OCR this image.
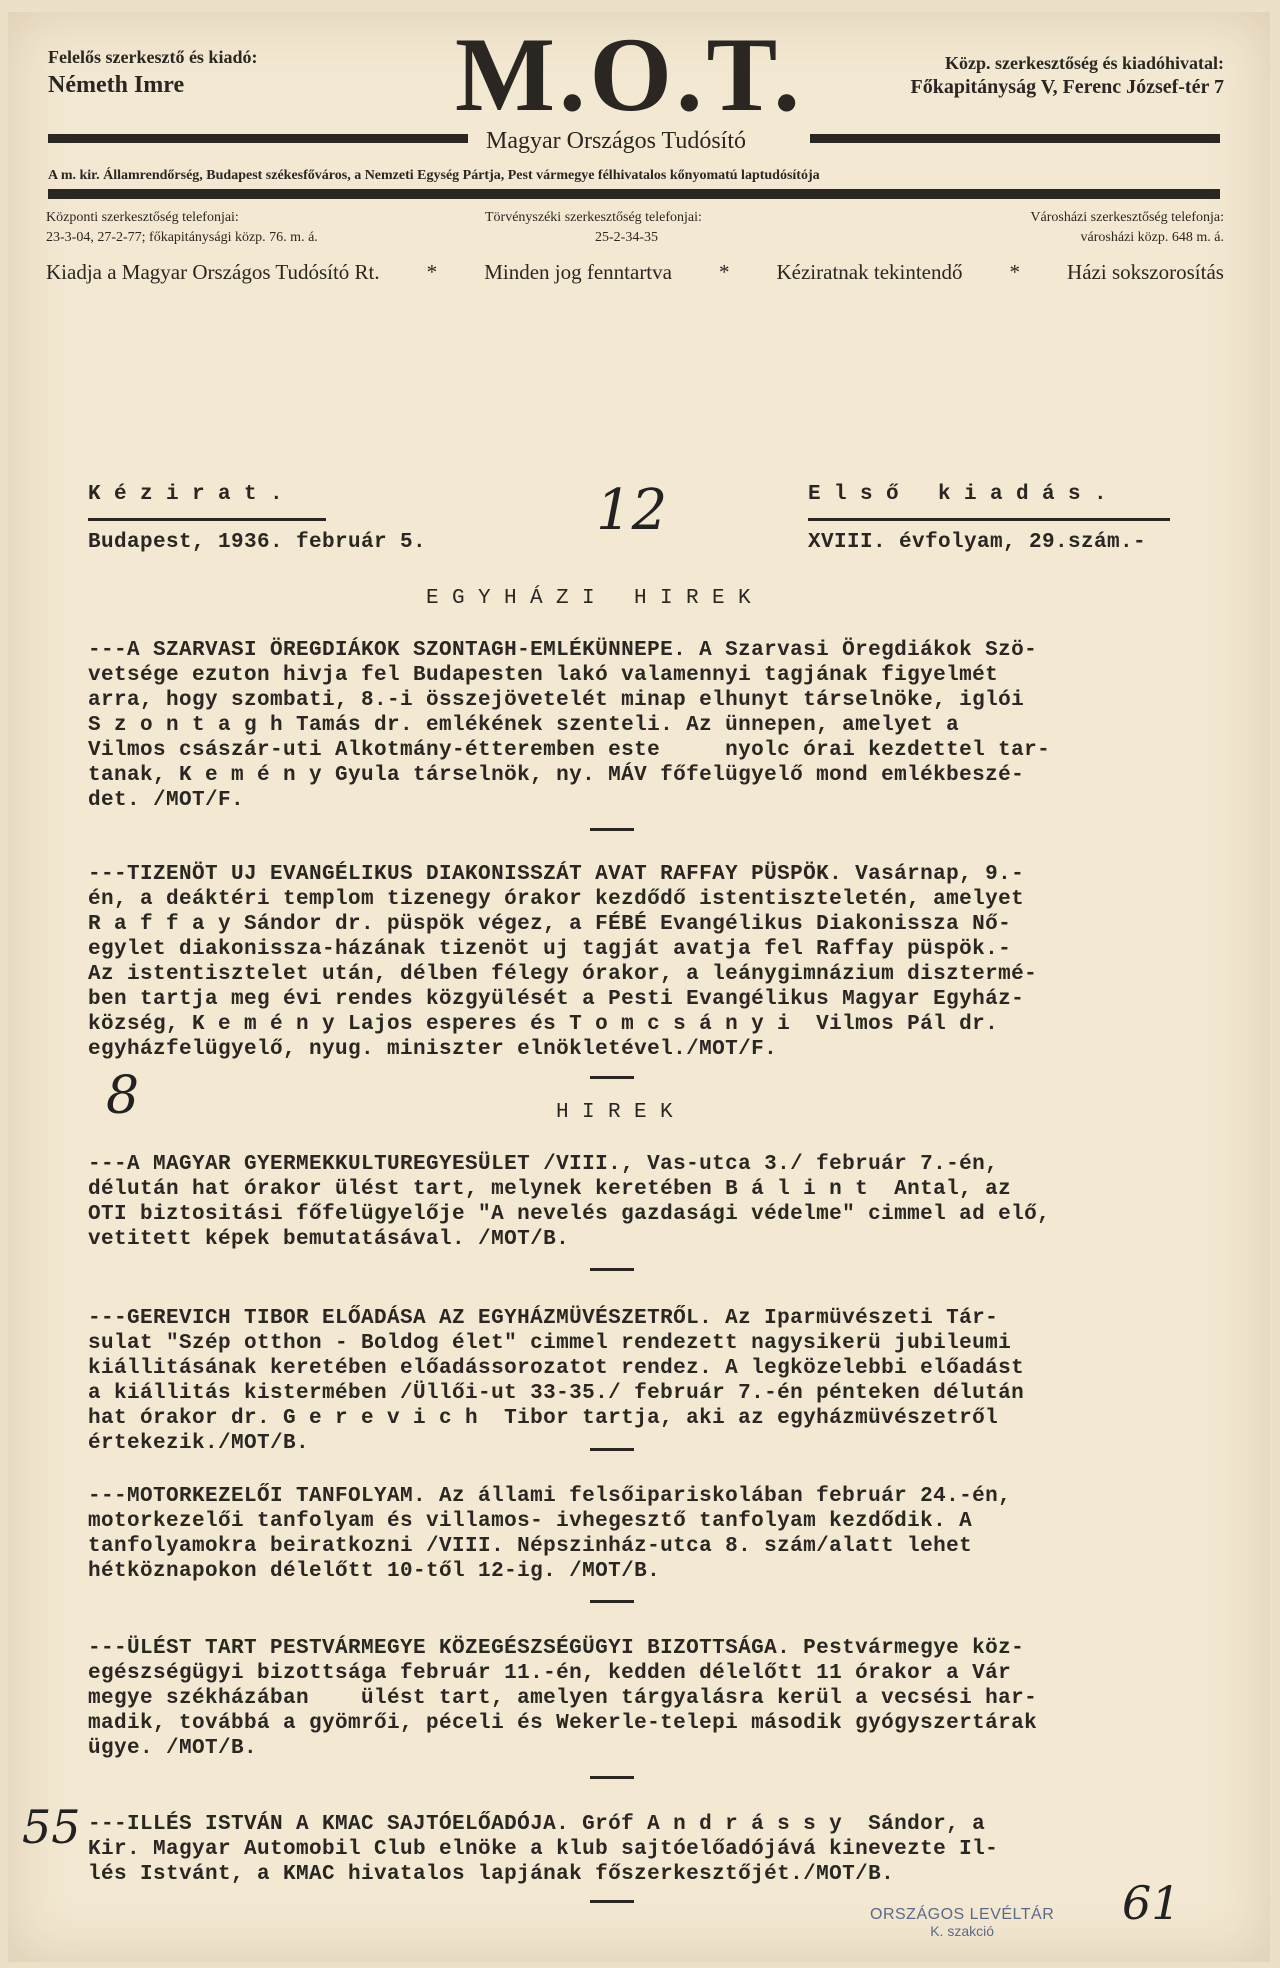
Felelős szerkesztő és kiadó:
Németh Imre	M.O.T.	Közp. szerkesztőség és kiadóhivatal:
Főkapitányság V, Ferenc József-tér 7
Magyar Országos Tudósító
A m. kir. Államrendőrség, Budapest székesfőváros, a Nemzeti Egység Pártja, Pest vármegye félhivatalos kőnyomatú laptudósítója
Központi szerkesztőség telefonjai:
23-3-04, 27-2-77; főkapitánysági közp. 76. m. á.
Törvényszéki szerkesztőség telefonjai:
25-2-34-35
Városházi szerkesztőség telefonja:
városházi közp. 648 m. á.
Kiadja a Magyar Országos Tudósító Rt. * Minden jog fenntartva * Kéziratnak tekintendő * Házi sokszorosítás
K é z i r a t .
Budapest, 1936. február 5.
E l s ő   k i a d á s .
XVIII. évfolyam, 29.szám.-
12
E G Y H Á Z I   H I R E K
---A SZARVASI ÖREGDIÁKOK SZONTAGH-EMLÉKÜNNEPE. A Szarvasi Öregdiákok Szö-
vetsége ezuton hivja fel Budapesten lakó valamennyi tagjának figyelmét
arra, hogy szombati, 8.-i összejövetelét minap elhunyt társelnöke, iglói
S z o n t a g h Tamás dr. emlékének szenteli. Az ünnepen, amelyet a
Vilmos császár-uti Alkotmány-étteremben este     nyolc órai kezdettel tar-
tanak, K e m é n y Gyula társelnök, ny. MÁV főfelügyelő mond emlékbeszé-
det. /MOT/F.
---TIZENÖT UJ EVANGÉLIKUS DIAKONISSZÁT AVAT RAFFAY PÜSPÖK. Vasárnap, 9.-
én, a deáktéri templom tizenegy órakor kezdődő istentiszteletén, amelyet
R a f f a y Sándor dr. püspök végez, a FÉBÉ Evangélikus Diakonissza Nő-
egylet diakonissza-házának tizenöt uj tagját avatja fel Raffay püspök.-
Az istentisztelet után, délben félegy órakor, a leánygimnázium disztermé-
ben tartja meg évi rendes közgyülését a Pesti Evangélikus Magyar Egyház-
község, K e m é n y Lajos esperes és T o m c s á n y i  Vilmos Pál dr.
egyházfelügyelő, nyug. miniszter elnökletével./MOT/F.
8	H I R E K
---A MAGYAR GYERMEKKULTUREGYESÜLET /VIII., Vas-utca 3./ február 7.-én,
délután hat órakor ülést tart, melynek keretében B á l i n t  Antal, az
OTI biztositási főfelügyelője "A nevelés gazdasági védelme" cimmel ad elő,
vetitett képek bemutatásával. /MOT/B.
---GEREVICH TIBOR ELŐADÁSA AZ EGYHÁZMÜVÉSZETRŐL. Az Iparmüvészeti Tár-
sulat "Szép otthon - Boldog élet" cimmel rendezett nagysikerü jubileumi
kiállitásának keretében előadássorozatot rendez. A legközelebbi előadást
a kiállitás kistermében /Üllői-ut 33-35./ február 7.-én pénteken délután
hat órakor dr. G e r e v i c h  Tibor tartja, aki az egyházmüvészetről
értekezik./MOT/B.
---MOTORKEZELŐI TANFOLYAM. Az állami felsőipariskolában február 24.-én,
motorkezelői tanfolyam és villamos- ivhegesztő tanfolyam kezdődik. A
tanfolyamokra beiratkozni /VIII. Népszinház-utca 8. szám/alatt lehet
hétköznapokon délelőtt 10-től 12-ig. /MOT/B.
---ÜLÉST TART PESTVÁRMEGYE KÖZEGÉSZSÉGÜGYI BIZOTTSÁGA. Pestvármegye köz-
egészségügyi bizottsága február 11.-én, kedden délelőtt 11 órakor a Vár
megye székházában    ülést tart, amelyen tárgyalásra kerül a vecsési har-
madik, továbbá a gyömrői, péceli és Wekerle-telepi második gyógyszertárak
ügye. /MOT/B.
55 ---ILLÉS ISTVÁN A KMAC SAJTÓELŐADÓJA. Gróf A n d r á s s y  Sándor, a
Kir. Magyar Automobil Club elnöke a klub sajtóelőadójává kinevezte Il-
lés Istvánt, a KMAC hivatalos lapjának főszerkesztőjét./MOT/B.
ORSZÁGOS LEVÉLTÁR
K. szakció
61
